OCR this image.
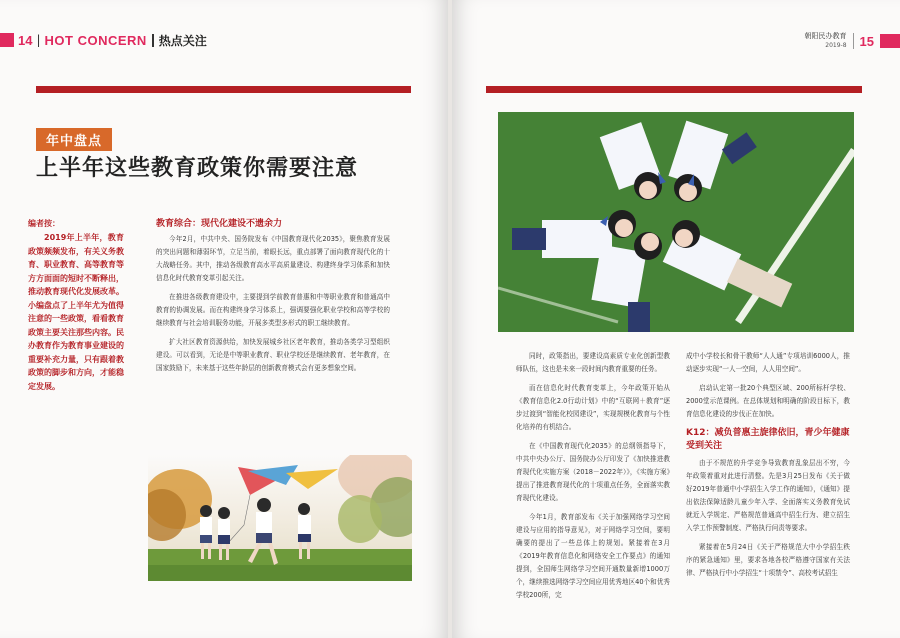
14 | HOT CONCERN 热点关注
年中盘点
上半年这些教育政策你需要注意
编者按：

2019年上半年，教育政策频频发布，有关义务教育、职业教育、高等教育等方方面面的短时不断释出，推动教育现代化发展改革。小编盘点了上半年尤为值得注意的一些政策，看看教育政策主要关注那些内容。民办教育作为教育事业建设的重要补充力量，只有跟着教政策的脚步和方向，才能稳定发展。

教育综合：现代化建设不遗余力

今年2月，中共中央、国务院发布《中国教育现代化2035》，聚焦教育发展的突出问题和薄弱环节，立足当前，着眼长远，重点部署了面向教育现代化的十大战略任务。其中，推动各级教育高水平高质量建设、构建终身学习体系和加快信息化时代教育变革引起关注。

在推进各级教育建设中，主要提到学前教育普惠和中等职业教育和普通高中教育的协调发展。而在构建终身学习体系上，强调要强化职业学校和高等学校的继续教育与社会培训服务功能，开展多类型多形式的职工继续教育。

扩大社区教育资源供给，加快发展城乡社区老年教育，推动各类学习型组织建设。可以看到，无论是中等职业教育、职业学校还是继续教育、老年教育，在国家鼓励下，未来基于这些年龄层的创新教育模式会有更多想象空间。

朝阳民办教育
2019-8 15

同时，政策指出，要建设高素质专业化创新型教师队伍，这也是未来一段时间内教育重要的任务。

而在信息化时代教育变革上，今年政策开始从《教育信息化2.0行动计划》中的“互联网＋教育”逐步过渡到“智能化校园建设”，实现规模化教育与个性化培养的有机结合。

在《中国教育现代化2035》的总纲领指导下，中共中央办公厅、国务院办公厅印发了《加快推进教育现代化实施方案（2018－2022年）》，《实施方案》提出了推进教育现代化的十项重点任务，全面落实教育现代化建设。

今年1月，教育部发布《关于加强网络学习空间建设与应用的指导意见》，对于网络学习空间，要明确要的提出了一些总体上的规划。紧接着在3月《2019年教育信息化和网络安全工作要点》的通知提到，全国师生网络学习空间开通数量新增1000万个，继续推选网络学习空间应用优秀地区40个和优秀学校200所，完

成中小学校长和骨干教师“人人通”专项培训6000人，推动逐步实现“一人一空间，人人用空间”。

启动认定第一批20个典型区域、200所标杆学校、2000堂示范课例。在总体规划和明确的阶段目标下，教育信息化建设的步伐正在加快。

K12：减负普惠主旋律依旧，青少年健康受到关注

由于不规范的升学竞争导致教育乱象层出不穷，今年政策着重对此进行清整。先是3月25日发布《关于做好2019年普通中小学招生入学工作的通知》，《通知》提出依法保障适龄儿童少年入学、全面落实义务教育免试就近入学规定、严格规范普通高中招生行为、建立招生入学工作预警制度、严格执行问责等要求。

紧接着在5月24日《关于严格规范大中小学招生秩序的紧急通知》里，要求各地各校严格遵守国家有关法律、严格执行中小学招生“十项禁令”、高校考试招生
